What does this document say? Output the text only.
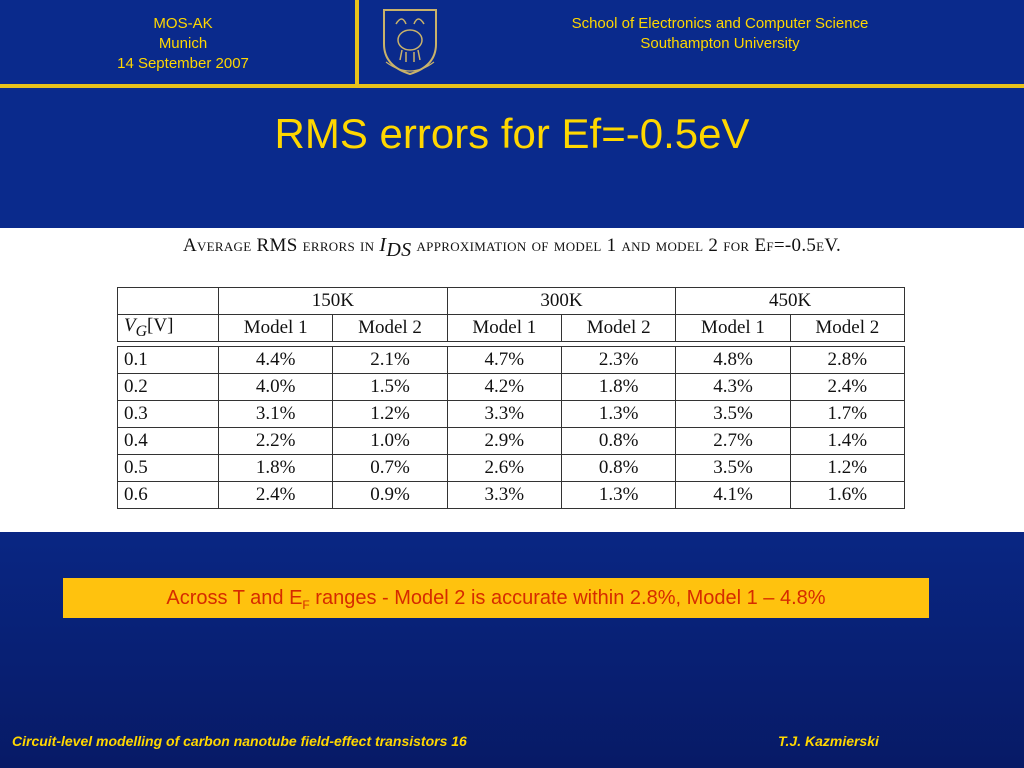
MOS-AK
Munich
14 September 2007
School of Electronics and Computer Science
Southampton University
RMS errors for Ef=-0.5eV
Average RMS errors in $I_{DS}$ approximation of model 1 and model 2 for Ef=-0.5eV.
	150K		300K		450K	
$V_G[V]$	Model 1	Model 2	Model 1	Model 2	Model 1	Model 2

0.1	4.4%	2.1%	4.7%	2.3%	4.8%	2.8%
0.2	4.0%	1.5%	4.2%	1.8%	4.3%	2.4%
0.3	3.1%	1.2%	3.3%	1.3%	3.5%	1.7%
0.4	2.2%	1.0%	2.9%	0.8%	2.7%	1.4%
0.5	1.8%	0.7%	2.6%	0.8%	3.5%	1.2%
0.6	2.4%	0.9%	3.3%	1.3%	4.1%	1.6%
Across T and $E_F$ ranges - Model 2 is accurate within 2.8%, Model 1 – 4.8%
Circuit-level modelling of carbon nanotube field-effect transistors 16	T.J. Kazmierski
